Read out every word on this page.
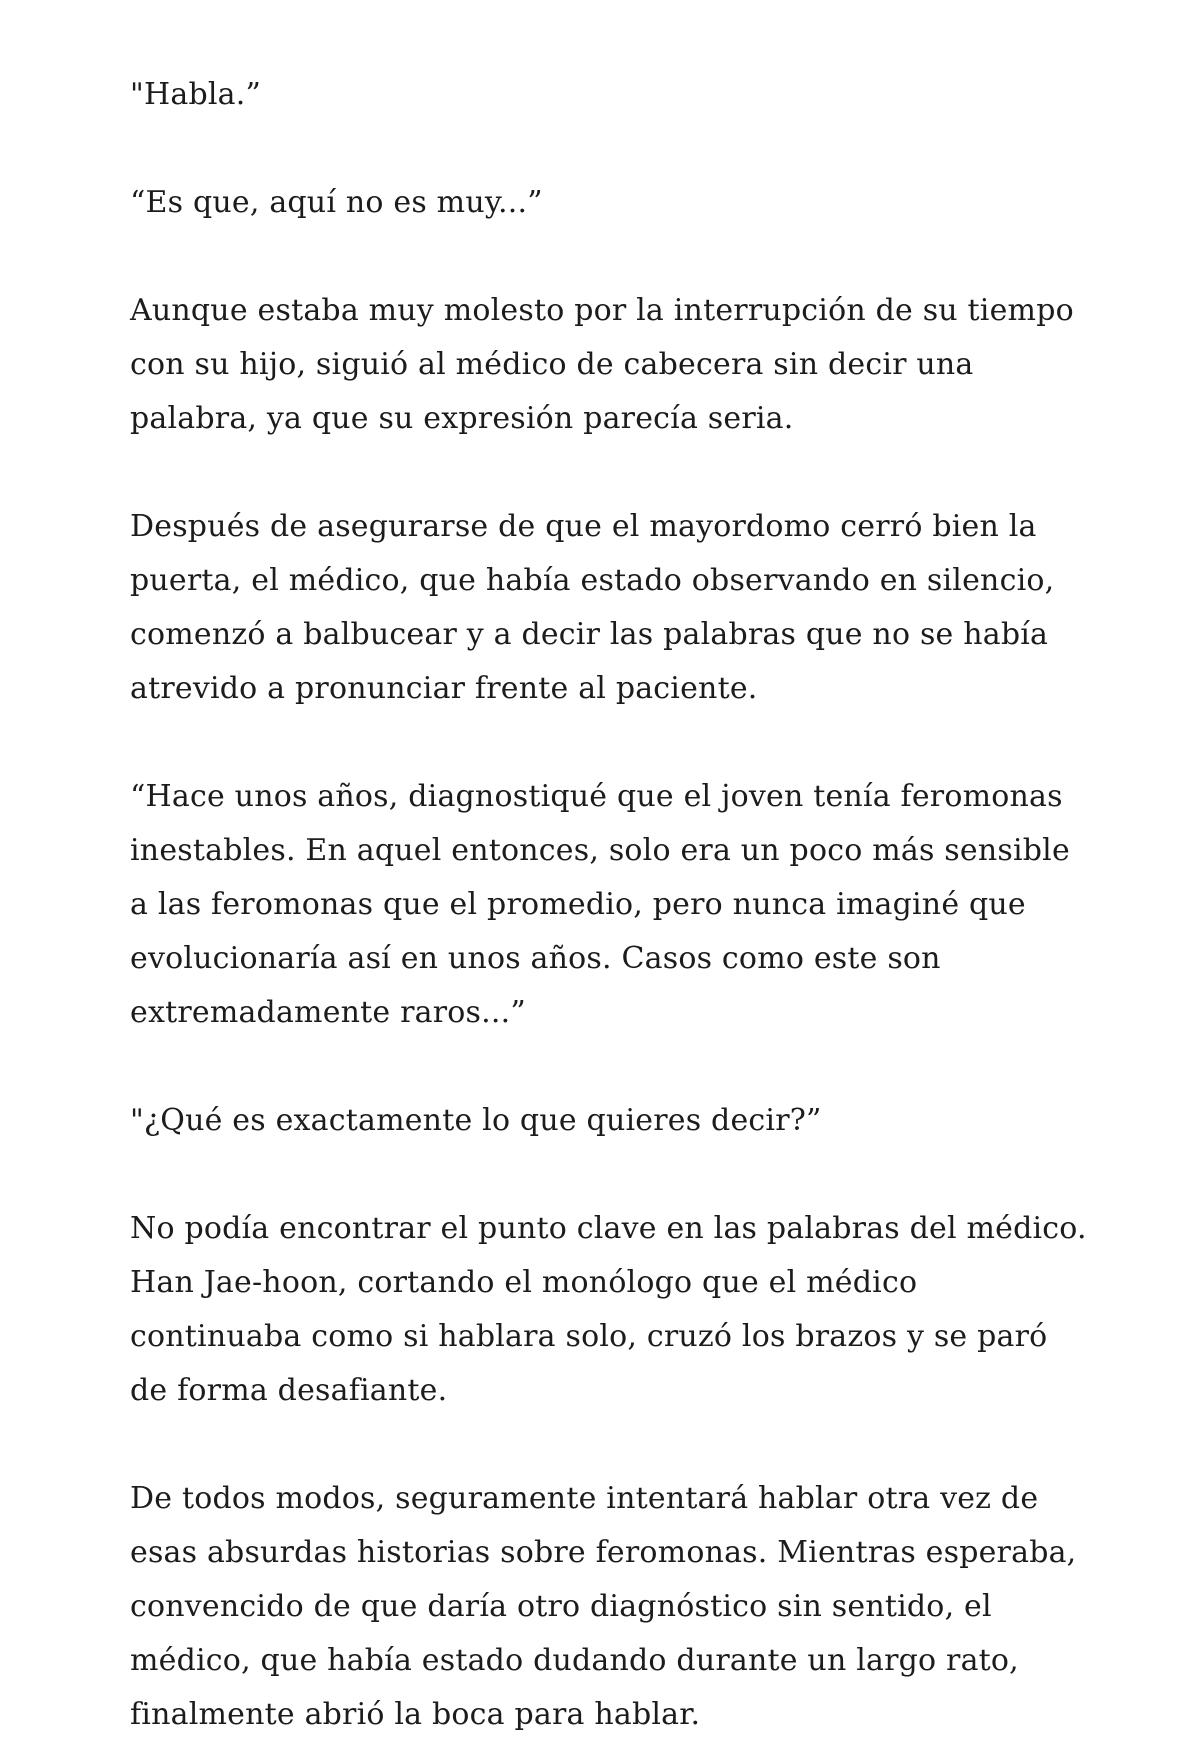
"Habla.”

“Es que, aquí no es muy...”

Aunque estaba muy molesto por la interrupción de su tiempo con su hijo, siguió al médico de cabecera sin decir una palabra, ya que su expresión parecía seria.

Después de asegurarse de que el mayordomo cerró bien la puerta, el médico, que había estado observando en silencio, comenzó a balbucear y a decir las palabras que no se había atrevido a pronunciar frente al paciente.

“Hace unos años, diagnostiqué que el joven tenía feromonas inestables. En aquel entonces, solo era un poco más sensible a las feromonas que el promedio, pero nunca imaginé que evolucionaría así en unos años. Casos como este son extremadamente raros...”

"¿Qué es exactamente lo que quieres decir?”

No podía encontrar el punto clave en las palabras del médico. Han Jae-hoon, cortando el monólogo que el médico continuaba como si hablara solo, cruzó los brazos y se paró de forma desafiante.

De todos modos, seguramente intentará hablar otra vez de esas absurdas historias sobre feromonas. Mientras esperaba, convencido de que daría otro diagnóstico sin sentido, el médico, que había estado dudando durante un largo rato, finalmente abrió la boca para hablar.
